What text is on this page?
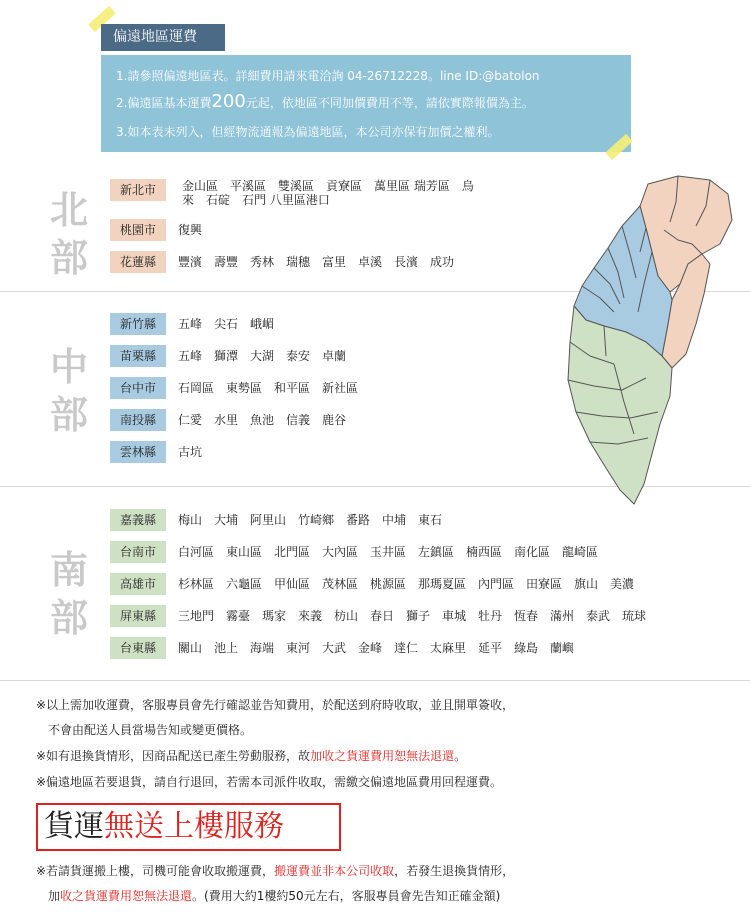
偏遠地區運費
1.請參照偏遠地區表。詳細費用請來電洽詢 04-26712228。line ID:@batolon
2.偏遠區基本運費200元起，依地區不同加價費用不等，請依實際報價為主。
3.如本表未列入，但經物流通報為偏遠地區，本公司亦保有加價之權利。
北部
新北市	金山區　平溪區　雙溪區　貢寮區　萬里區 瑞芳區　烏來　石碇　石門 八里區港口
桃園市	復興
花蓮縣	豐濱　壽豐　秀林　瑞穗　富里　卓溪　長濱　成功
中部
新竹縣	五峰　尖石　峨嵋
苗栗縣	五峰　獅潭　大湖　泰安　卓蘭
台中市	石岡區　東勢區　和平區　新社區
南投縣	仁愛　水里　魚池　信義　鹿谷
雲林縣	古坑
南部
嘉義縣	梅山　大埔　阿里山　竹崎鄉　番路　中埔　東石
台南市	白河區　東山區　北門區　大內區　玉井區　左鎮區　楠西區　南化區　龍崎區
高雄市	杉林區　六龜區　甲仙區　茂林區　桃源區　那瑪夏區　內門區　田寮區　旗山　美濃
屏東縣	三地門　霧臺　瑪家　來義　枋山　春日　獅子　車城　牡丹　恆春　滿州　泰武　琉球
台東縣	關山　池上　海端　東河　大武　金峰　達仁　太麻里　延平　綠島　蘭嶼
※以上需加收運費，客服專員會先行確認並告知費用，於配送到府時收取，並且開單簽收，
不會由配送人員當場告知或變更價格。
※如有退換貨情形，因商品配送已產生勞動服務，故加收之貨運費用恕無法退還。
※偏遠地區若要退貨，請自行退回，若需本司派件收取，需繳交偏遠地區費用回程運費。
貨運無送上樓服務
※若請貨運搬上樓，司機可能會收取搬運費，搬運費並非本公司收取，若發生退換貨情形，
加收之貨運費用恕無法退還。(費用大約1樓約50元左右，客服專員會先告知正確金額)
